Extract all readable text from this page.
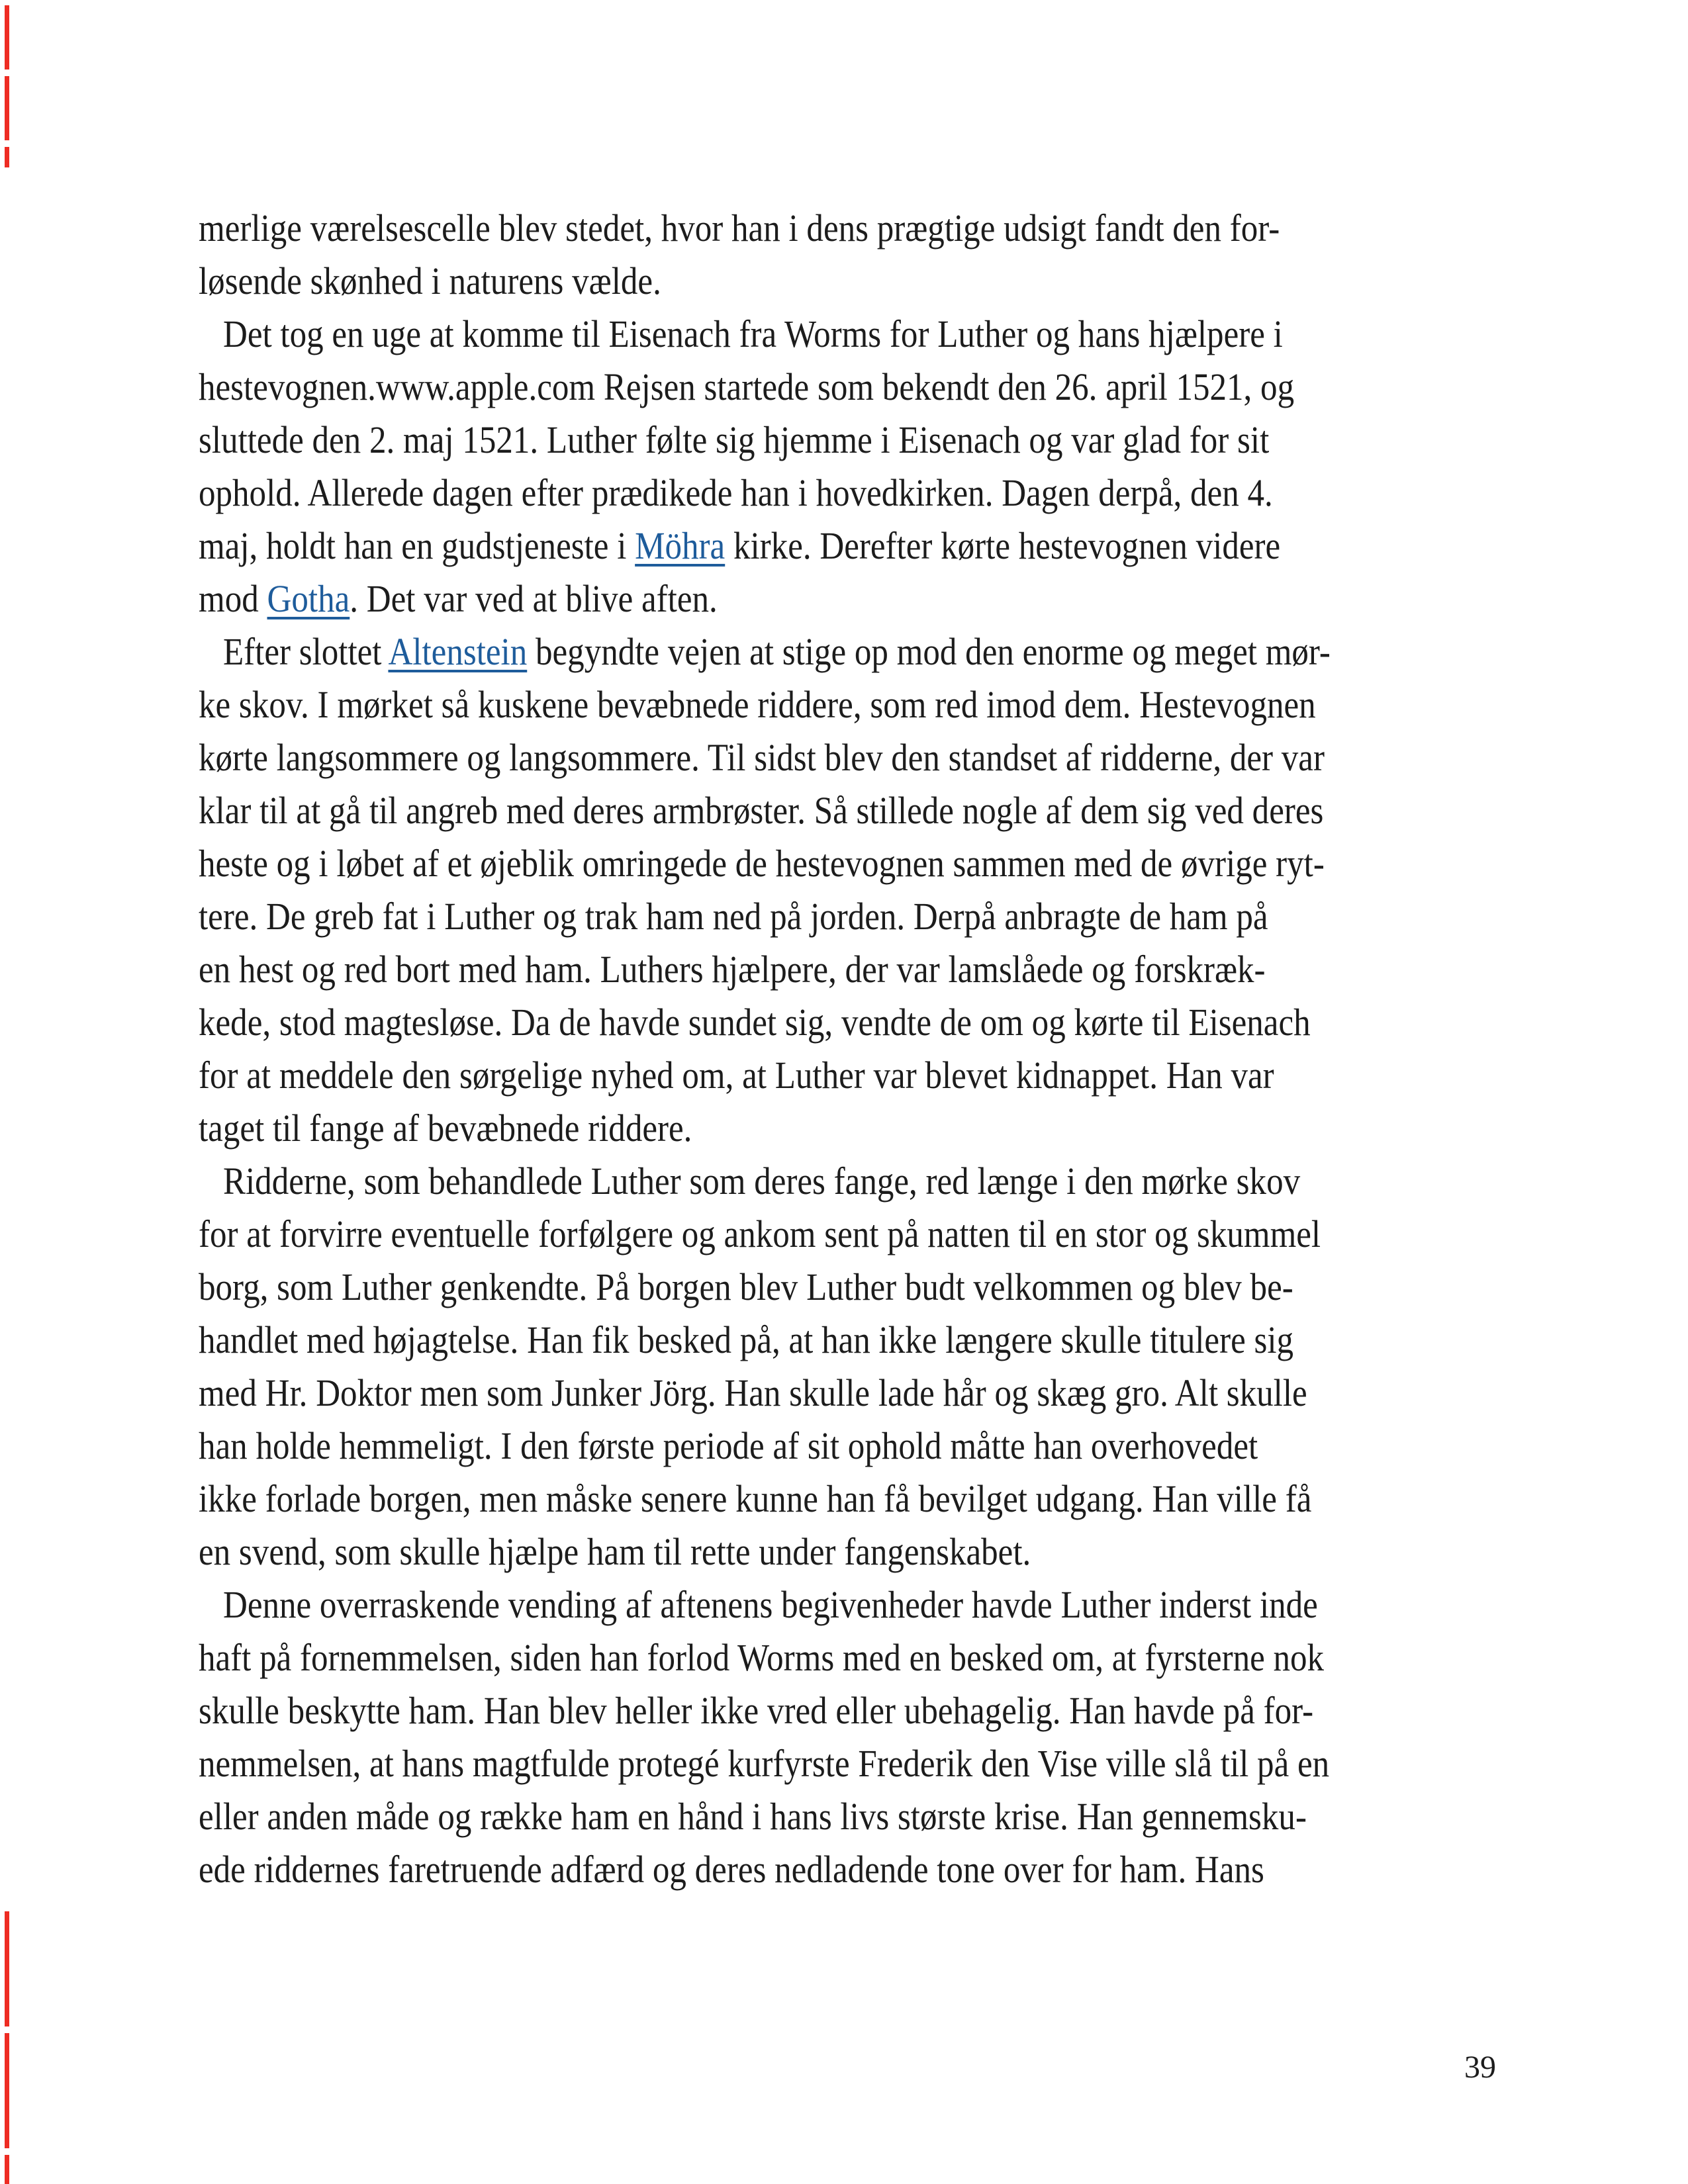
merlige værelsescelle blev stedet, hvor han i dens prægtige udsigt fandt den for-
løsende skønhed i naturens vælde.
Det tog en uge at komme til Eisenach fra Worms for Luther og hans hjælpere i
hestevognen.www.apple.com Rejsen startede som bekendt den 26. april 1521, og
sluttede den 2. maj 1521. Luther følte sig hjemme i Eisenach og var glad for sit
ophold. Allerede dagen efter prædikede han i hovedkirken. Dagen derpå, den 4.
maj, holdt han en gudstjeneste i Möhra kirke. Derefter kørte hestevognen videre
mod Gotha. Det var ved at blive aften.
Efter slottet Altenstein begyndte vejen at stige op mod den enorme og meget mør-
ke skov. I mørket så kuskene bevæbnede riddere, som red imod dem. Hestevognen
kørte langsommere og langsommere. Til sidst blev den standset af ridderne, der var
klar til at gå til angreb med deres armbrøster. Så stillede nogle af dem sig ved deres
heste og i løbet af et øjeblik omringede de hestevognen sammen med de øvrige ryt-
tere. De greb fat i Luther og trak ham ned på jorden. Derpå anbragte de ham på
en hest og red bort med ham. Luthers hjælpere, der var lamslåede og forskræk-
kede, stod magtesløse. Da de havde sundet sig, vendte de om og kørte til Eisenach
for at meddele den sørgelige nyhed om, at Luther var blevet kidnappet. Han var
taget til fange af bevæbnede riddere.
Ridderne, som behandlede Luther som deres fange, red længe i den mørke skov
for at forvirre eventuelle forfølgere og ankom sent på natten til en stor og skummel
borg, som Luther genkendte. På borgen blev Luther budt velkommen og blev be-
handlet med højagtelse. Han fik besked på, at han ikke længere skulle titulere sig
med Hr. Doktor men som Junker Jörg. Han skulle lade hår og skæg gro. Alt skulle
han holde hemmeligt. I den første periode af sit ophold måtte han overhovedet
ikke forlade borgen, men måske senere kunne han få bevilget udgang. Han ville få
en svend, som skulle hjælpe ham til rette under fangenskabet.
Denne overraskende vending af aftenens begivenheder havde Luther inderst inde
haft på fornemmelsen, siden han forlod Worms med en besked om, at fyrsterne nok
skulle beskytte ham. Han blev heller ikke vred eller ubehagelig. Han havde på for-
nemmelsen, at hans magtfulde protegé kurfyrste Frederik den Vise ville slå til på en
eller anden måde og række ham en hånd i hans livs største krise. Han gennemsku-
ede riddernes faretruende adfærd og deres nedladende tone over for ham. Hans
39
